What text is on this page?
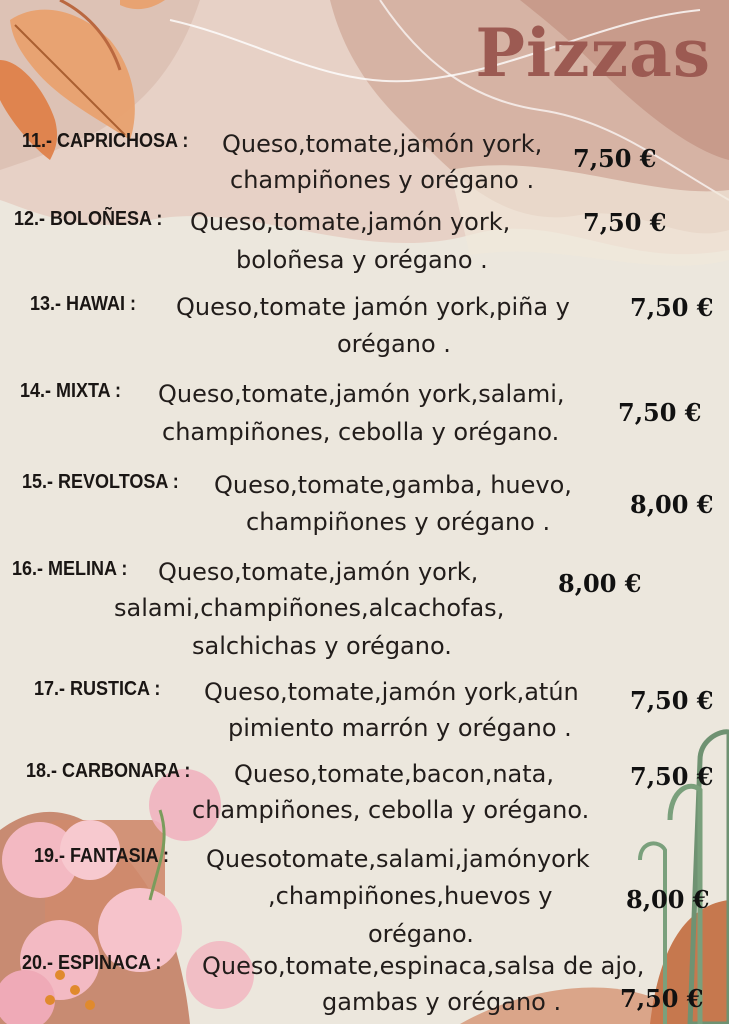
Pizzas
11.- CAPRICHOSA : Queso,tomate,jamón york,
champiñones y orégano .
7,50 €
12.- BOLOÑESA : Queso,tomate,jamón york,
boloñesa y orégano .
7,50 €
13.- HAWAI : Queso,tomate jamón york,piña y
orégano .
7,50 €
14.- MIXTA : Queso,tomate,jamón york,salami,
champiñones, cebolla y orégano.
7,50 €
15.- REVOLTOSA : Queso,tomate,gamba, huevo,
champiñones y orégano .
8,00 €
16.- MELINA : Queso,tomate,jamón york,
salami,champiñones,alcachofas,
salchichas y orégano.
8,00 €
17.- RUSTICA : Queso,tomate,jamón york,atún
pimiento marrón y orégano .
7,50 €
18.- CARBONARA : Queso,tomate,bacon,nata,
champiñones, cebolla y orégano.
7,50 €
19.- FANTASIA : Quesotomate,salami,jamónyork
,champiñones,huevos y
orégano.
8,00 €
20.- ESPINACA : Queso,tomate,espinaca,salsa de ajo,
gambas y orégano . 7,50 €
